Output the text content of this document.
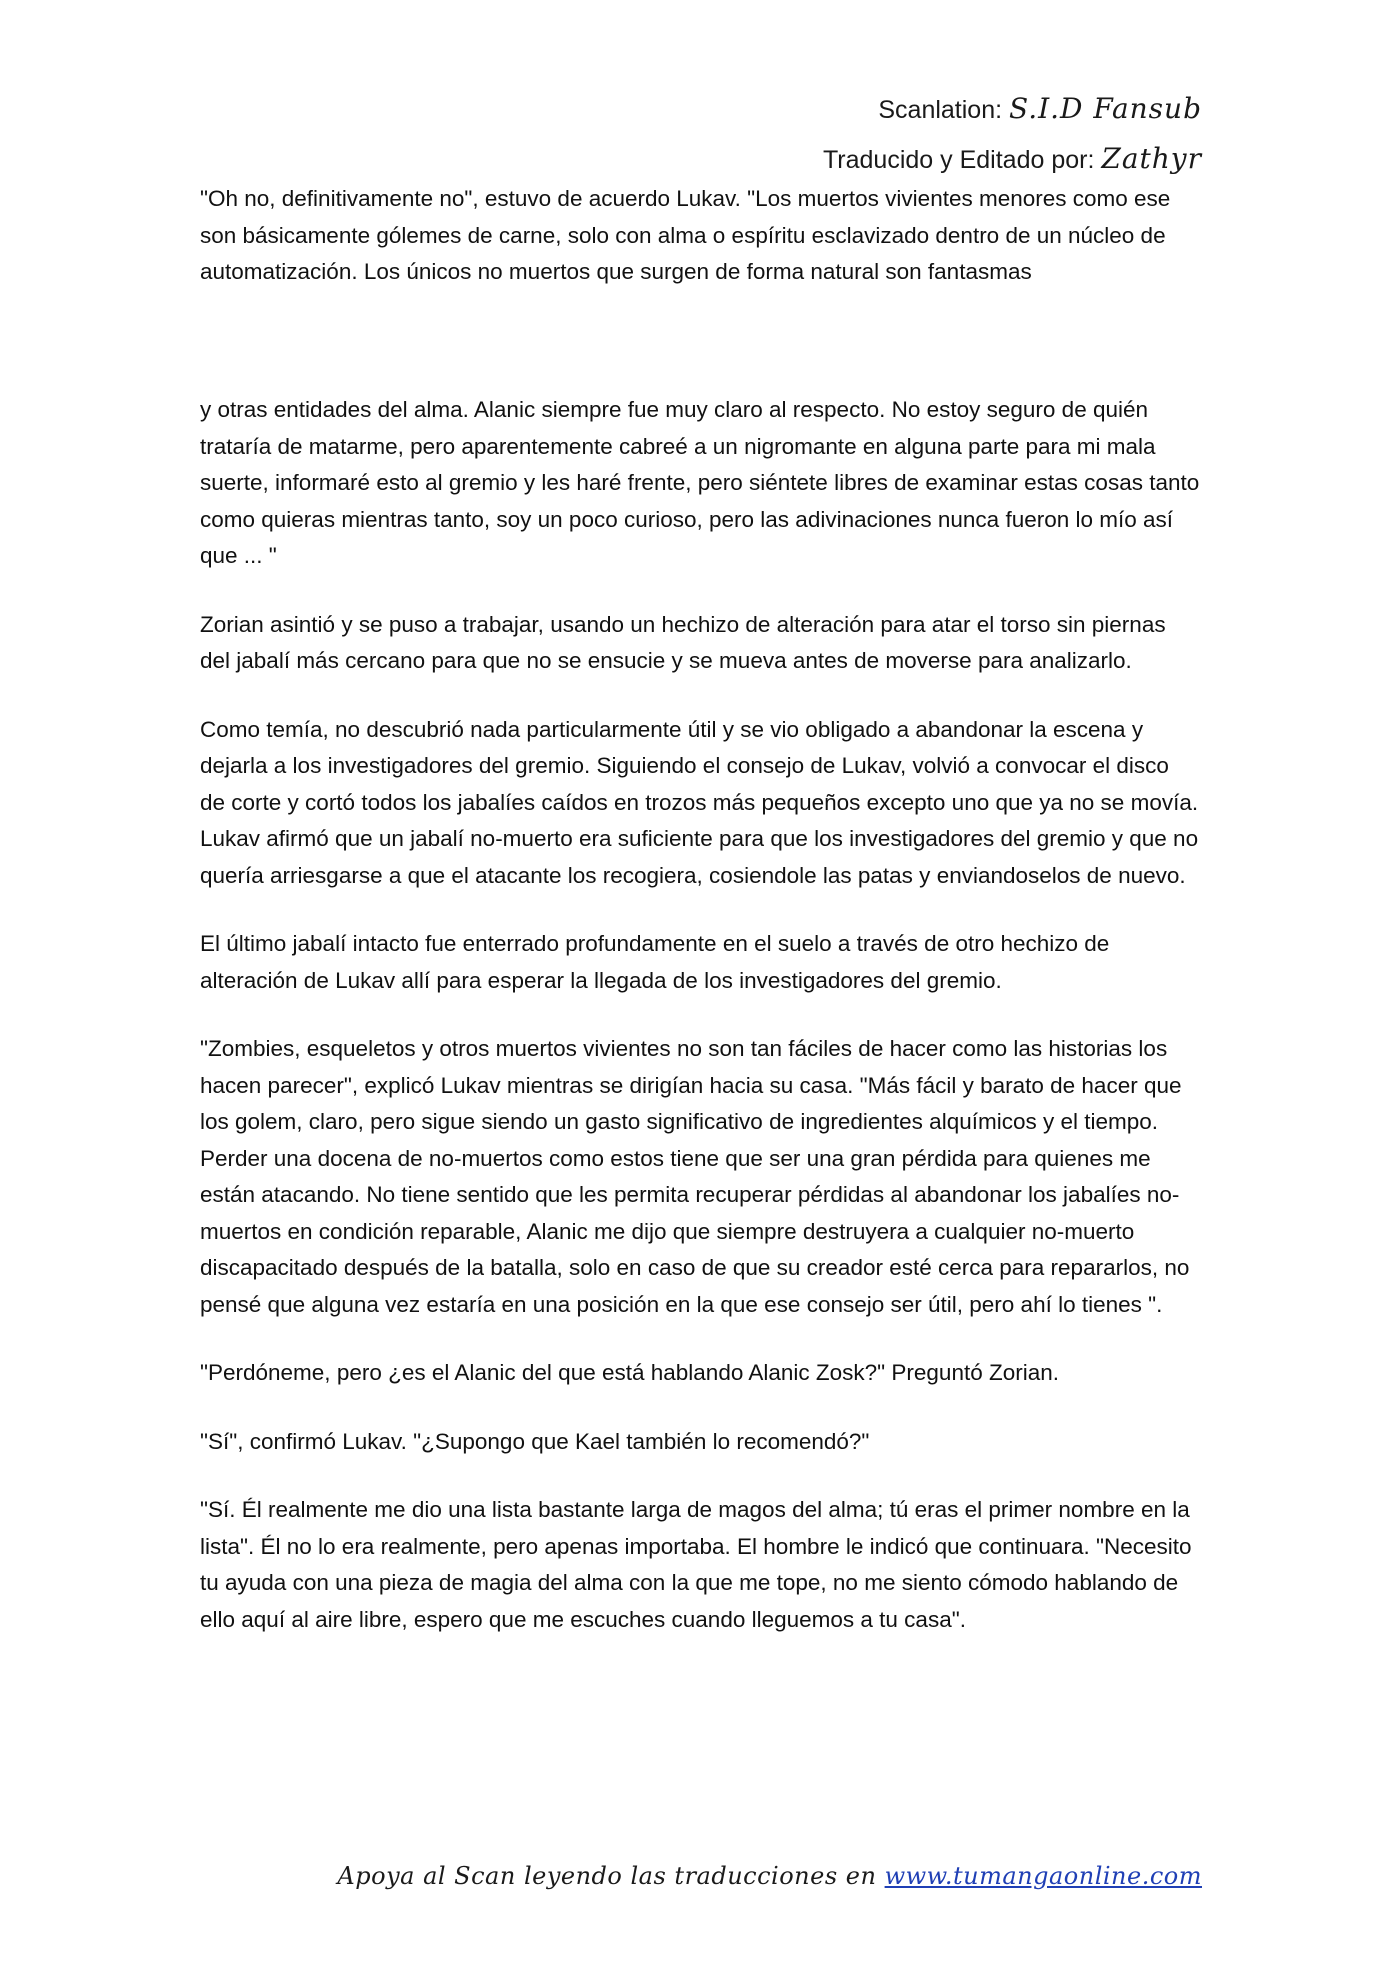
Scanlation: S.I.D Fansub
Traducido y Editado por: Zathyr

"Oh no, definitivamente no", estuvo de acuerdo Lukav. "Los muertos vivientes menores como ese son básicamente gólemes de carne, solo con alma o espíritu esclavizado dentro de un núcleo de automatización. Los únicos no muertos que surgen de forma natural son fantasmas

y otras entidades del alma. Alanic siempre fue muy claro al respecto. No estoy seguro de quién trataría de matarme, pero aparentemente cabreé a un nigromante en alguna parte para mi mala suerte, informaré esto al gremio y les haré frente, pero siéntete libres de examinar estas cosas tanto como quieras mientras tanto, soy un poco curioso, pero las adivinaciones nunca fueron lo mío así que ... "

Zorian asintió y se puso a trabajar, usando un hechizo de alteración para atar el torso sin piernas del jabalí más cercano para que no se ensucie y se mueva antes de moverse para analizarlo.

Como temía, no descubrió nada particularmente útil y se vio obligado a abandonar la escena y dejarla a los investigadores del gremio. Siguiendo el consejo de Lukav, volvió a convocar el disco de corte y cortó todos los jabalíes caídos en trozos más pequeños excepto uno que ya no se movía. Lukav afirmó que un jabalí no-muerto era suficiente para que los investigadores del gremio y que no quería arriesgarse a que el atacante los recogiera, cosiendole las patas y enviandoselos de nuevo.

El último jabalí intacto fue enterrado profundamente en el suelo a través de otro hechizo de alteración de Lukav allí para esperar la llegada de los investigadores del gremio.

"Zombies, esqueletos y otros muertos vivientes no son tan fáciles de hacer como las historias los hacen parecer", explicó Lukav mientras se dirigían hacia su casa. "Más fácil y barato de hacer que los golem, claro, pero sigue siendo un gasto significativo de ingredientes alquímicos y el tiempo. Perder una docena de no-muertos como estos tiene que ser una gran pérdida para quienes me están atacando. No tiene sentido que les permita recuperar pérdidas al abandonar los jabalíes no-muertos en condición reparable, Alanic me dijo que siempre destruyera a cualquier no-muerto discapacitado después de la batalla, solo en caso de que su creador esté cerca para repararlos, no pensé que alguna vez estaría en una posición en la que ese consejo ser útil, pero ahí lo tienes ".

"Perdóneme, pero ¿es el Alanic del que está hablando Alanic Zosk?" Preguntó Zorian.

"Sí", confirmó Lukav. "¿Supongo que Kael también lo recomendó?"

"Sí. Él realmente me dio una lista bastante larga de magos del alma; tú eras el primer nombre en la lista". Él no lo era realmente, pero apenas importaba. El hombre le indicó que continuara. "Necesito tu ayuda con una pieza de magia del alma con la que me tope, no me siento cómodo hablando de ello aquí al aire libre, espero que me escuches cuando lleguemos a tu casa".

Apoya al Scan leyendo las traducciones en www.tumangaonline.com
